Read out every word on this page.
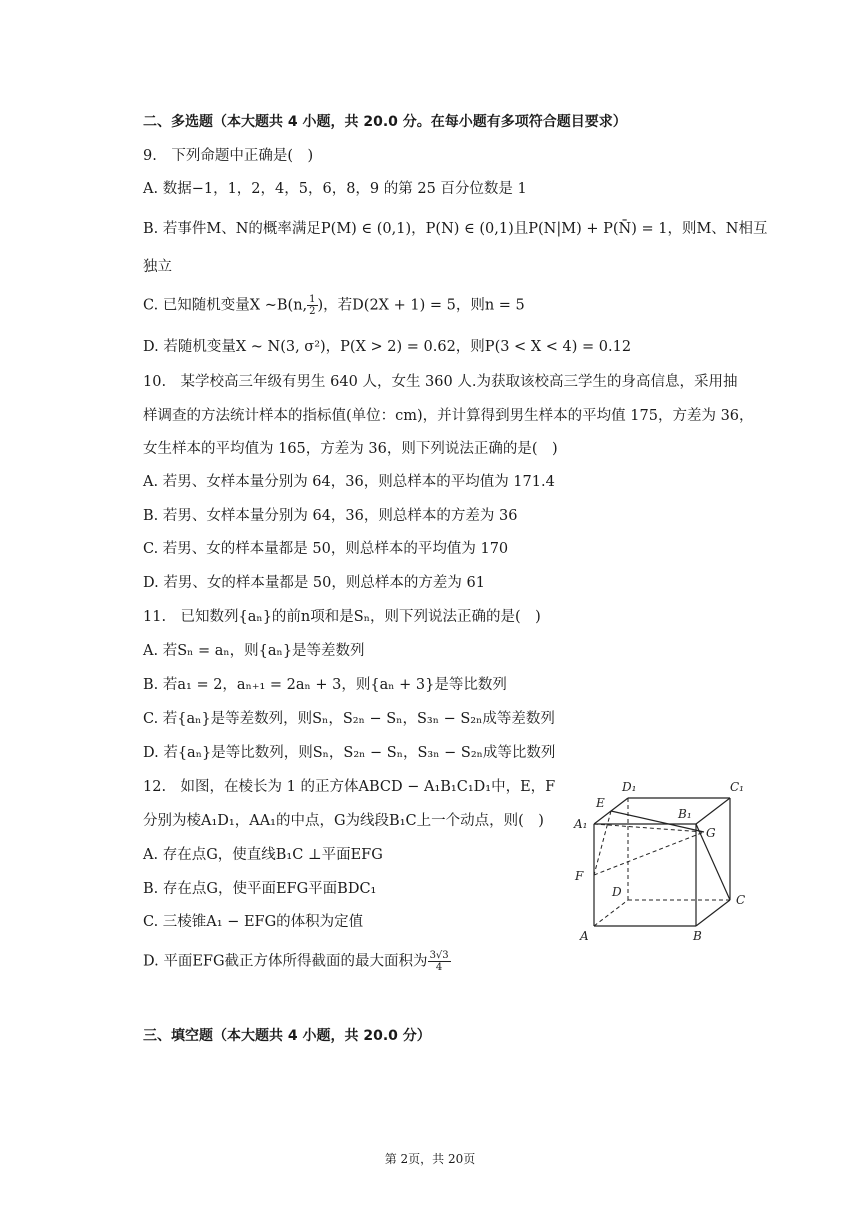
二、多选题（本大题共 4 小题，共 20.0 分。在每小题有多项符合题目要求）
9.　下列命题中正确是(　)
A. 数据−1，1，2，4，5，6，8，9 的第 25 百分位数是 1
B. 若事件M、N的概率满足P(M) ∈ (0,1)，P(N) ∈ (0,1)且P(N|M) + P(N̄) = 1，则M、N相互
独立
C. 已知随机变量X ~B(n, $\frac{1}{2}$ )，若D(2X + 1) = 5，则n = 5
D. 若随机变量X ~ N(3, σ²)，P(X > 2) = 0.62，则P(3 < X < 4) = 0.12
10.　某学校高三年级有男生 640 人，女生 360 人.为获取该校高三学生的身高信息，采用抽
样调查的方法统计样本的指标值(单位：cm)，并计算得到男生样本的平均值 175，方差为 36，
女生样本的平均值为 165，方差为 36，则下列说法正确的是(　)
A. 若男、女样本量分别为 64，36，则总样本的平均值为 171.4
B. 若男、女样本量分别为 64，36，则总样本的方差为 36
C. 若男、女的样本量都是 50，则总样本的平均值为 170
D. 若男、女的样本量都是 50，则总样本的方差为 61
11.　已知数列{aₙ}的前n项和是Sₙ，则下列说法正确的是(　)
A. 若Sₙ = aₙ，则{aₙ}是等差数列
B. 若a₁ = 2，aₙ₊₁ = 2aₙ + 3，则{aₙ + 3}是等比数列
C. 若{aₙ}是等差数列，则Sₙ，S₂ₙ − Sₙ，S₃ₙ − S₂ₙ成等差数列
D. 若{aₙ}是等比数列，则Sₙ，S₂ₙ − Sₙ，S₃ₙ − S₂ₙ成等比数列
12.　如图，在棱长为 1 的正方体ABCD − A₁B₁C₁D₁中，E，F
分别为棱A₁D₁，AA₁的中点，G为线段B₁C上一个动点，则(　)
A. 存在点G，使直线B₁C ⊥平面EFG
B. 存在点G，使平面EFG平面BDC₁
C. 三棱锥A₁ − EFG的体积为定值
D. 平面EFG截正方体所得截面的最大面积为 $\frac{3√3}{4}$
A₁
E
D₁	C₁
B₁
G
F
D
C
A	B
三、填空题（本大题共 4 小题，共 20.0 分）
第 2页，共 20页
